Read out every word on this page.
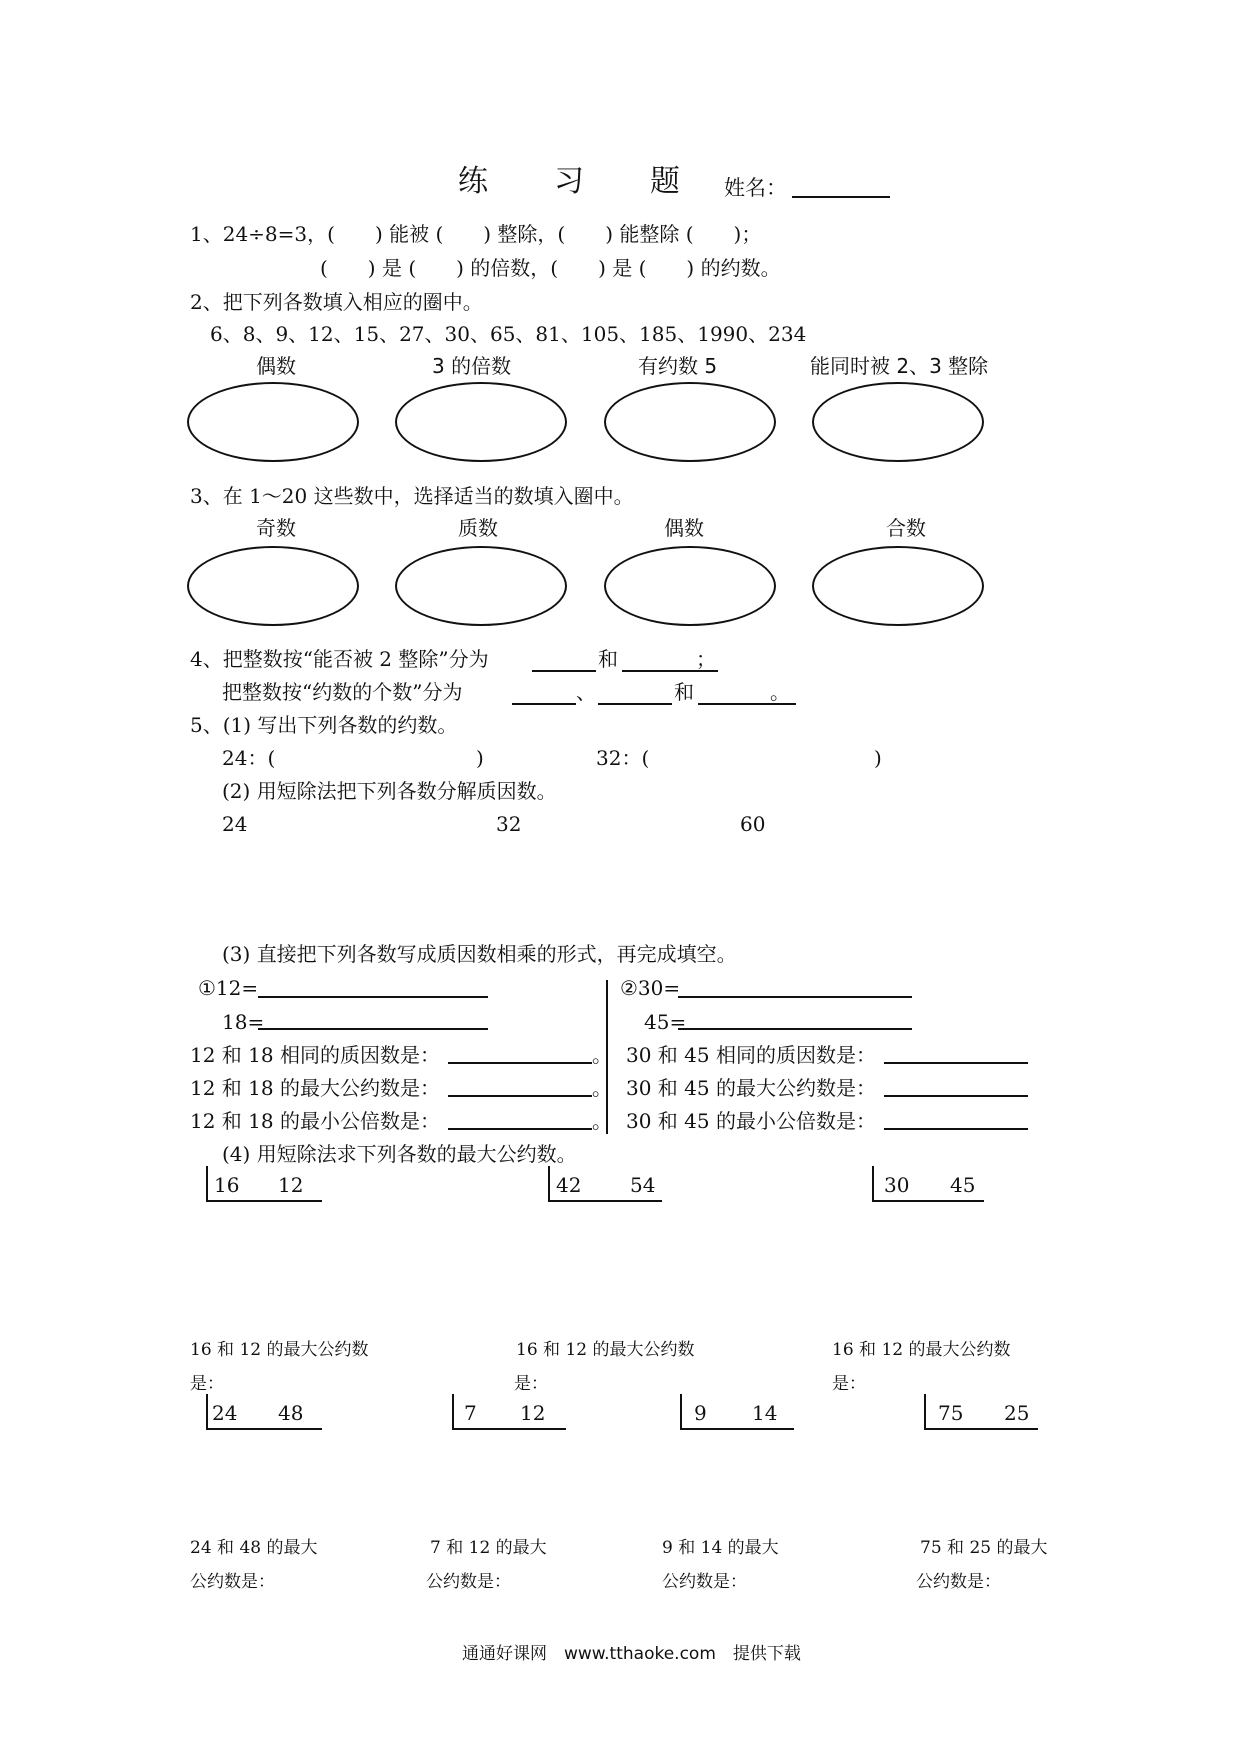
练　　习　　题 姓名：
1、24÷8=3，(　　) 能被 (　　) 整除，(　　) 能整除 (　　)；
(　　) 是 (　　) 的倍数，(　　) 是 (　　) 的约数。
2、把下列各数填入相应的圈中。
6、8、9、12、15、27、30、65、81、105、185、1990、234
偶数	3 的倍数	有约数 5	能同时被 2、3 整除
3、在 1～20 这些数中，选择适当的数填入圈中。
奇数	质数	偶数	合数
4、把整数按“能否被 2 整除”分为	和	；
把整数按“约数的个数”分为	、	和	。
5、(1) 写出下列各数的约数。
24：(	)	32：(	)
(2) 用短除法把下列各数分解质因数。
24	32	60
(3) 直接把下列各数写成质因数相乘的形式，再完成填空。
①12=
18=
12 和 18 相同的质因数是：	。
12 和 18 的最大公约数是：	。
12 和 18 的最小公倍数是：	。
②30=
45=
30 和 45 相同的质因数是：
30 和 45 的最大公约数是：
30 和 45 的最小公倍数是：
(4) 用短除法求下列各数的最大公约数。
16 12	42 54	30 45
16 和 12 的最大公约数
是：
16 和 12 的最大公约数
是：
16 和 12 的最大公约数
是：
24 48	7 12	9 14	75 25
24 和 48 的最大
公约数是：
7 和 12 的最大
公约数是：
9 和 14 的最大
公约数是：
75 和 25 的最大
公约数是：
通通好课网　www.tthaoke.com　提供下载
